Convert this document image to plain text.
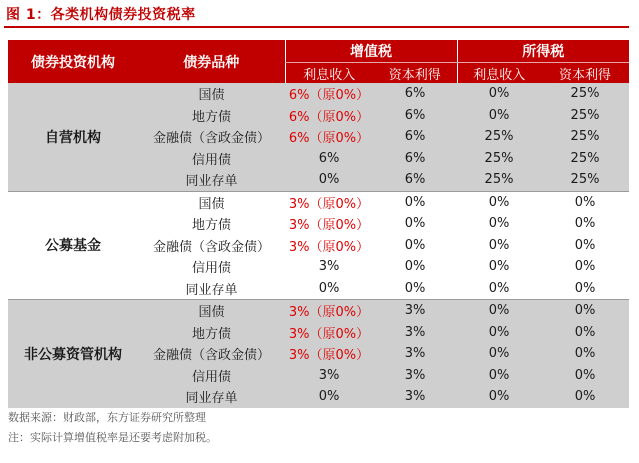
图 1：各类机构债券投资税率
债券投资机构	债券品种	增值税		所得税	
		利息收入	资本利得	利息收入	资本利得
自营机构	国债	6%（原0%）	6%	0%	25%
	地方债	6%（原0%）	6%	0%	25%
	金融债（含政金债）	6%（原0%）	6%	25%	25%
	信用债	6%	6%	25%	25%
	同业存单	0%	6%	25%	25%
公募基金	国债	3%（原0%）	0%	0%	0%
	地方债	3%（原0%）	0%	0%	0%
	金融债（含政金债）	3%（原0%）	0%	0%	0%
	信用债	3%	0%	0%	0%
	同业存单	0%	0%	0%	0%
非公募资管机构	国债	3%（原0%）	3%	0%	0%
	地方债	3%（原0%）	3%	0%	0%
	金融债（含政金债）	3%（原0%）	3%	0%	0%
	信用债	3%	3%	0%	0%
	同业存单	0%	3%	0%	0%
数据来源：财政部，东方证券研究所整理
注：实际计算增值税率是还要考虑附加税。
